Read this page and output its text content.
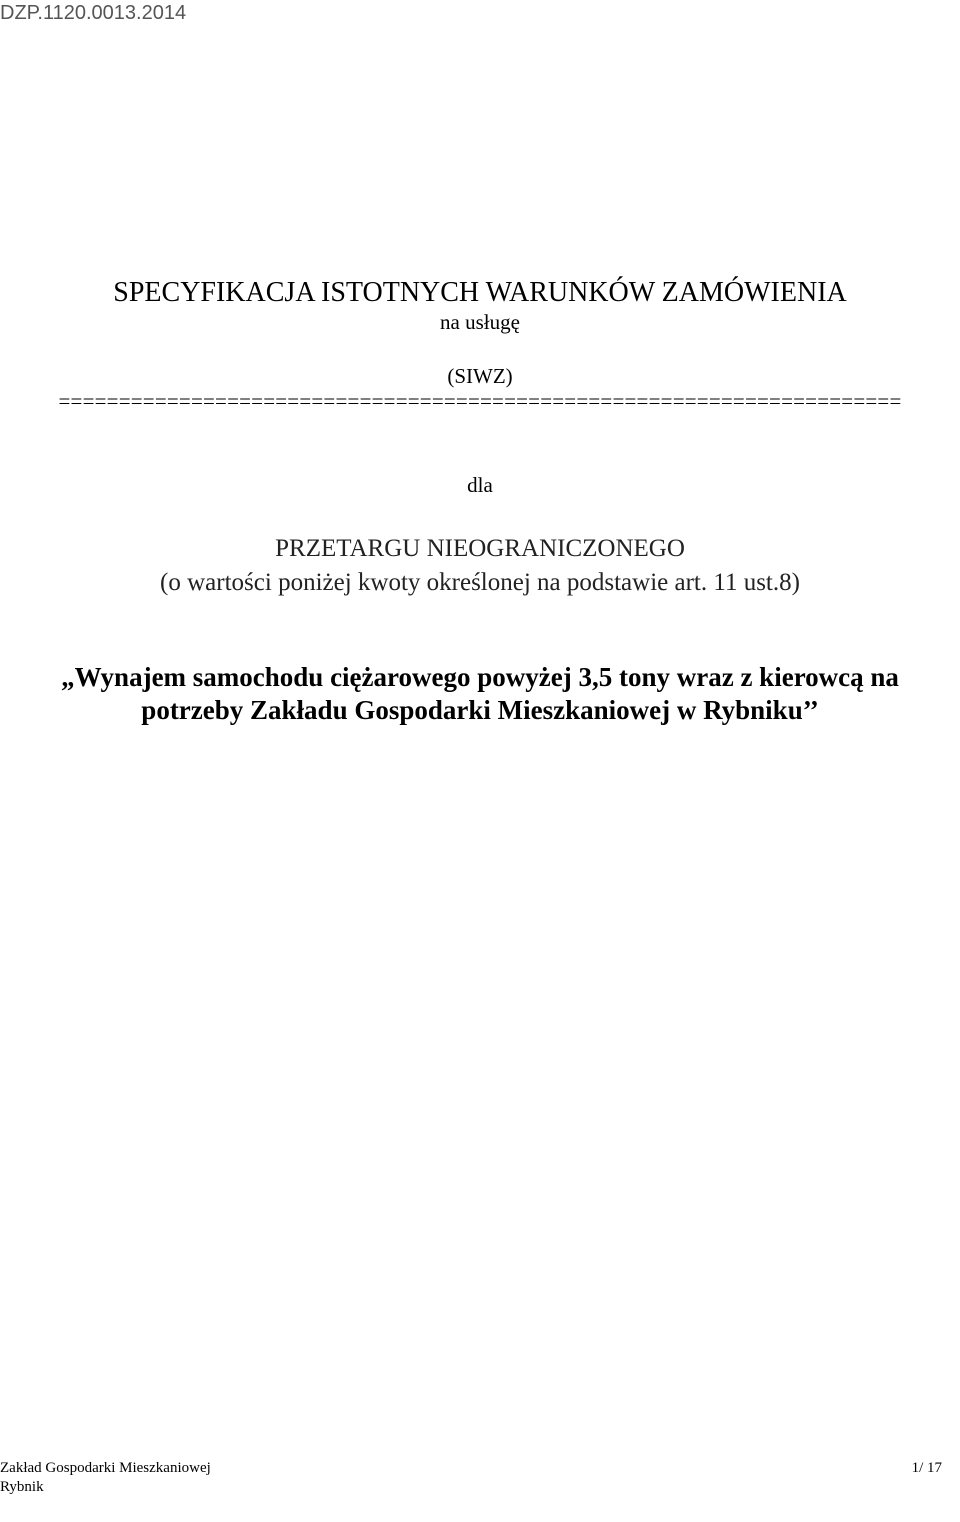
DZP.1120.0013.2014
SPECYFIKACJA ISTOTNYCH WARUNKÓW ZAMÓWIENIA
na usługę
(SIWZ)
======================================================================
dla
PRZETARGU NIEOGRANICZONEGO
(o wartości poniżej kwoty określonej na podstawie art. 11 ust.8)
„Wynajem samochodu ciężarowego powyżej 3,5 tony wraz z kierowcą na
potrzeby Zakładu Gospodarki Mieszkaniowej w Rybniku’’
Zakład Gospodarki Mieszkaniowej
Rybnik
1/ 17
